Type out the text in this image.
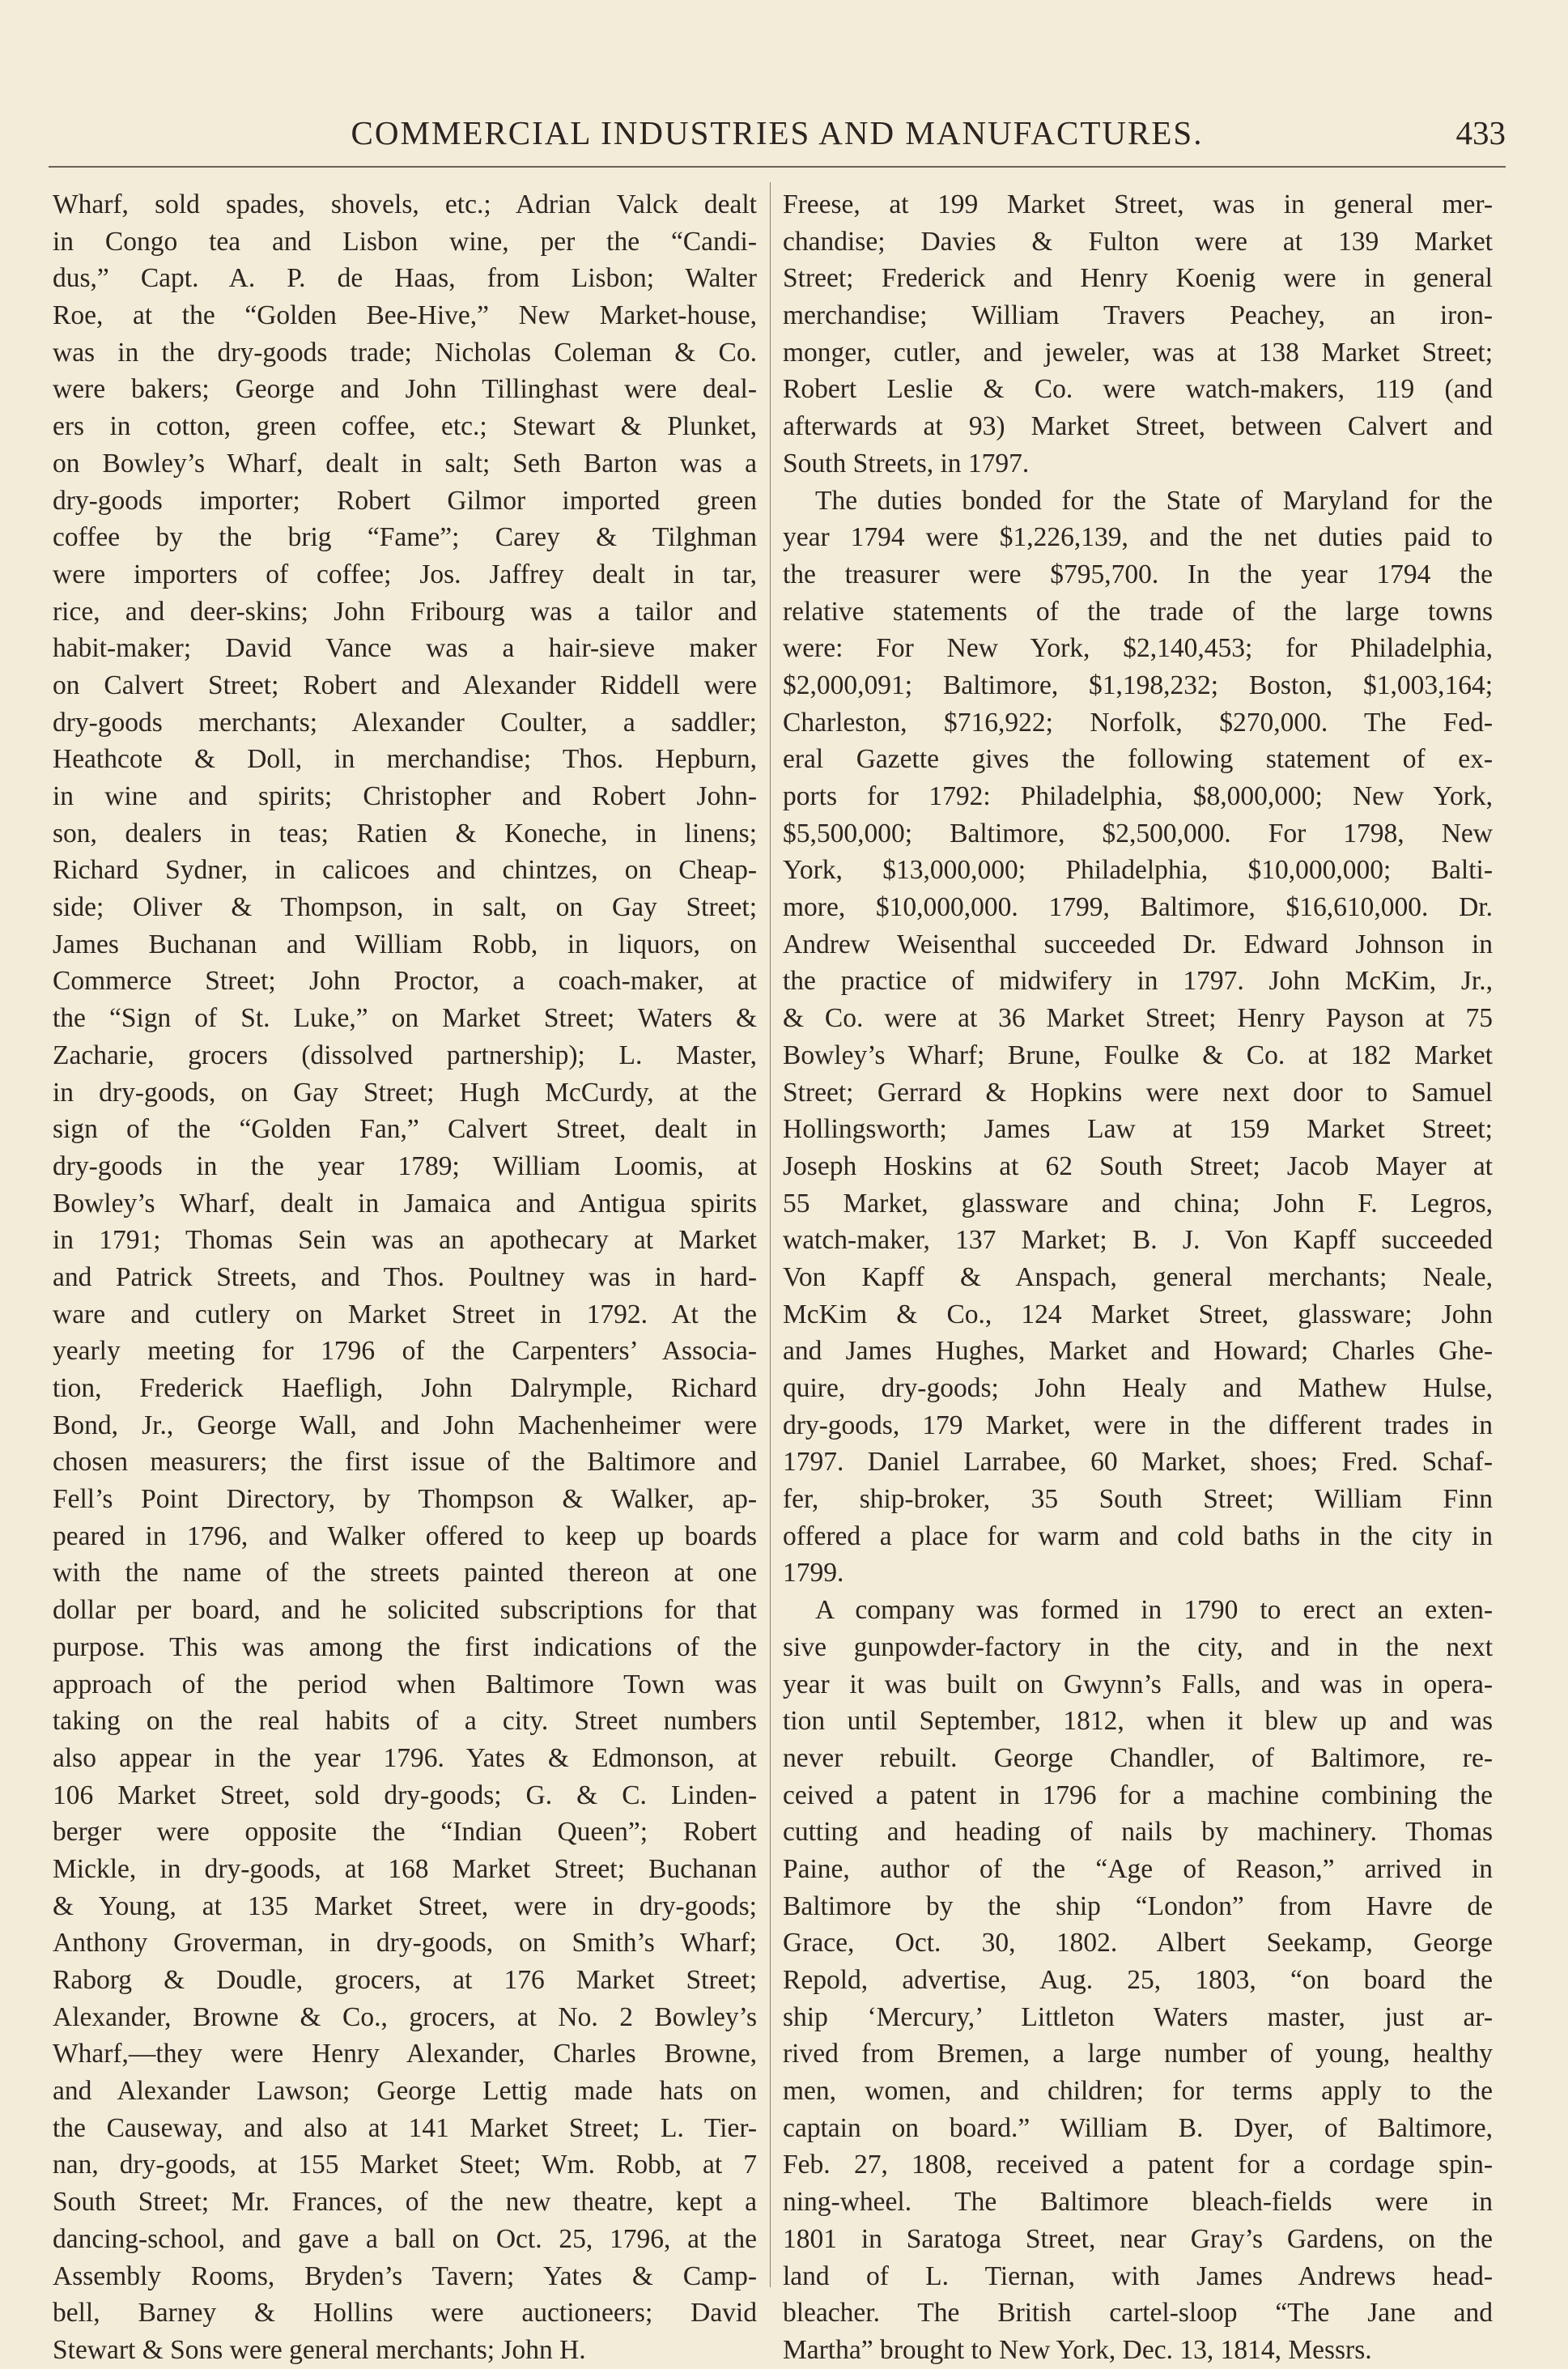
COMMERCIAL INDUSTRIES AND MANUFACTURES.	433
Wharf, sold spades, shovels, etc.; Adrian Valck dealt
in Congo tea and Lisbon wine, per the “Candi-
dus,” Capt. A. P. de Haas, from Lisbon; Walter
Roe, at the “Golden Bee-Hive,” New Market-house,
was in the dry-goods trade; Nicholas Coleman & Co.
were bakers; George and John Tillinghast were deal-
ers in cotton, green coffee, etc.; Stewart & Plunket,
on Bowley’s Wharf, dealt in salt; Seth Barton was a
dry-goods importer; Robert Gilmor imported green
coffee by the brig “Fame”; Carey & Tilghman
were importers of coffee; Jos. Jaffrey dealt in tar,
rice, and deer-skins; John Fribourg was a tailor and
habit-maker; David Vance was a hair-sieve maker
on Calvert Street; Robert and Alexander Riddell were
dry-goods merchants; Alexander Coulter, a saddler;
Heathcote & Doll, in merchandise; Thos. Hepburn,
in wine and spirits; Christopher and Robert John-
son, dealers in teas; Ratien & Koneche, in linens;
Richard Sydner, in calicoes and chintzes, on Cheap-
side; Oliver & Thompson, in salt, on Gay Street;
James Buchanan and William Robb, in liquors, on
Commerce Street; John Proctor, a coach-maker, at
the “Sign of St. Luke,” on Market Street; Waters &
Zacharie, grocers (dissolved partnership); L. Master,
in dry-goods, on Gay Street; Hugh McCurdy, at the
sign of the “Golden Fan,” Calvert Street, dealt in
dry-goods in the year 1789; William Loomis, at
Bowley’s Wharf, dealt in Jamaica and Antigua spirits
in 1791; Thomas Sein was an apothecary at Market
and Patrick Streets, and Thos. Poultney was in hard-
ware and cutlery on Market Street in 1792. At the
yearly meeting for 1796 of the Carpenters’ Associa-
tion, Frederick Haefligh, John Dalrymple, Richard
Bond, Jr., George Wall, and John Machenheimer were
chosen measurers; the first issue of the Baltimore and
Fell’s Point Directory, by Thompson & Walker, ap-
peared in 1796, and Walker offered to keep up boards
with the name of the streets painted thereon at one
dollar per board, and he solicited subscriptions for that
purpose. This was among the first indications of the
approach of the period when Baltimore Town was
taking on the real habits of a city. Street numbers
also appear in the year 1796. Yates & Edmonson, at
106 Market Street, sold dry-goods; G. & C. Linden-
berger were opposite the “Indian Queen”; Robert
Mickle, in dry-goods, at 168 Market Street; Buchanan
& Young, at 135 Market Street, were in dry-goods;
Anthony Groverman, in dry-goods, on Smith’s Wharf;
Raborg & Doudle, grocers, at 176 Market Street;
Alexander, Browne & Co., grocers, at No. 2 Bowley’s
Wharf,—they were Henry Alexander, Charles Browne,
and Alexander Lawson; George Lettig made hats on
the Causeway, and also at 141 Market Street; L. Tier-
nan, dry-goods, at 155 Market Steet; Wm. Robb, at 7
South Street; Mr. Frances, of the new theatre, kept a
dancing-school, and gave a ball on Oct. 25, 1796, at the
Assembly Rooms, Bryden’s Tavern; Yates & Camp-
bell, Barney & Hollins were auctioneers; David
Stewart & Sons were general merchants; John H.
Freese, at 199 Market Street, was in general mer-
chandise; Davies & Fulton were at 139 Market
Street; Frederick and Henry Koenig were in general
merchandise; William Travers Peachey, an iron-
monger, cutler, and jeweler, was at 138 Market Street;
Robert Leslie & Co. were watch-makers, 119 (and
afterwards at 93) Market Street, between Calvert and
South Streets, in 1797.
The duties bonded for the State of Maryland for the
year 1794 were $1,226,139, and the net duties paid to
the treasurer were $795,700. In the year 1794 the
relative statements of the trade of the large towns
were: For New York, $2,140,453; for Philadelphia,
$2,000,091; Baltimore, $1,198,232; Boston, $1,003,164;
Charleston, $716,922; Norfolk, $270,000. The Fed-
eral Gazette gives the following statement of ex-
ports for 1792: Philadelphia, $8,000,000; New York,
$5,500,000; Baltimore, $2,500,000. For 1798, New
York, $13,000,000; Philadelphia, $10,000,000; Balti-
more, $10,000,000. 1799, Baltimore, $16,610,000. Dr.
Andrew Weisenthal succeeded Dr. Edward Johnson in
the practice of midwifery in 1797. John McKim, Jr.,
& Co. were at 36 Market Street; Henry Payson at 75
Bowley’s Wharf; Brune, Foulke & Co. at 182 Market
Street; Gerrard & Hopkins were next door to Samuel
Hollingsworth; James Law at 159 Market Street;
Joseph Hoskins at 62 South Street; Jacob Mayer at
55 Market, glassware and china; John F. Legros,
watch-maker, 137 Market; B. J. Von Kapff succeeded
Von Kapff & Anspach, general merchants; Neale,
McKim & Co., 124 Market Street, glassware; John
and James Hughes, Market and Howard; Charles Ghe-
quire, dry-goods; John Healy and Mathew Hulse,
dry-goods, 179 Market, were in the different trades in
1797. Daniel Larrabee, 60 Market, shoes; Fred. Schaf-
fer, ship-broker, 35 South Street; William Finn
offered a place for warm and cold baths in the city in
1799.
A company was formed in 1790 to erect an exten-
sive gunpowder-factory in the city, and in the next
year it was built on Gwynn’s Falls, and was in opera-
tion until September, 1812, when it blew up and was
never rebuilt. George Chandler, of Baltimore, re-
ceived a patent in 1796 for a machine combining the
cutting and heading of nails by machinery. Thomas
Paine, author of the “Age of Reason,” arrived in
Baltimore by the ship “London” from Havre de
Grace, Oct. 30, 1802. Albert Seekamp, George
Repold, advertise, Aug. 25, 1803, “on board the
ship ‘Mercury,’ Littleton Waters master, just ar-
rived from Bremen, a large number of young, healthy
men, women, and children; for terms apply to the
captain on board.” William B. Dyer, of Baltimore,
Feb. 27, 1808, received a patent for a cordage spin-
ning-wheel. The Baltimore bleach-fields were in
1801 in Saratoga Street, near Gray’s Gardens, on the
land of L. Tiernan, with James Andrews head-
bleacher. The British cartel-sloop “The Jane and
Martha” brought to New York, Dec. 13, 1814, Messrs.
